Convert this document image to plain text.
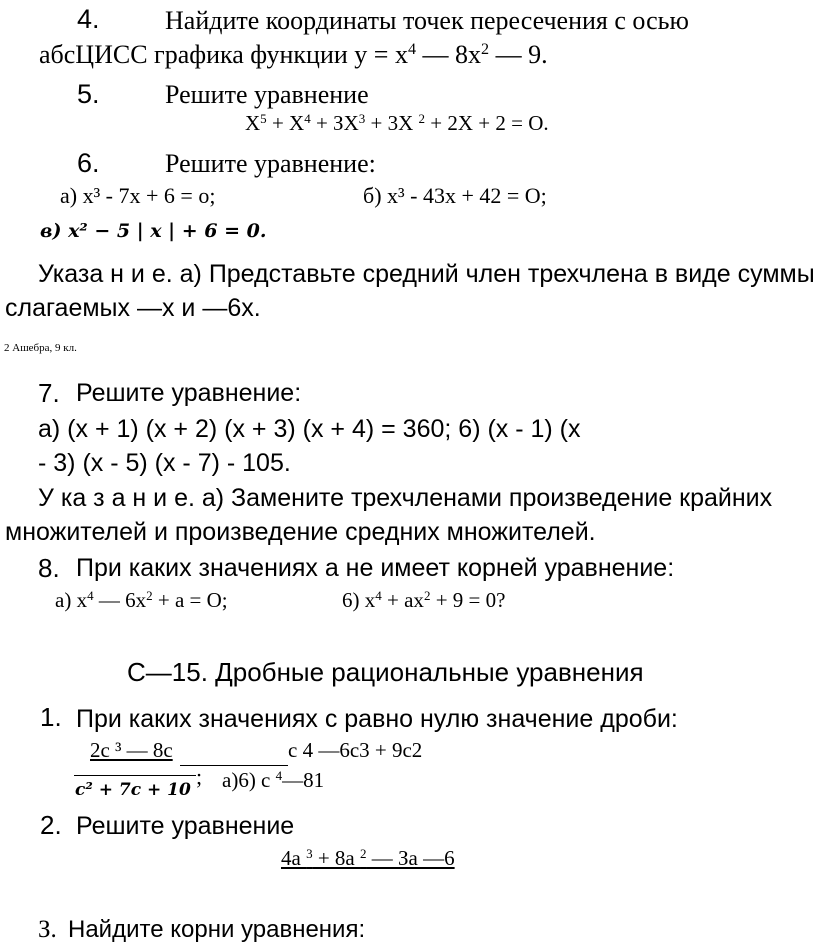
4.	Найдите координаты точек пересечения с осью
абсЦИСС графика функции $у = х^4$ — $8х^2$ — 9.
5.	Решите уравнение
$Х^5 + Х^4 + ЗХ^3 + 3Х$ $^2$ + 2Х + 2 = О.
6.	Решите уравнение:
а) х³ - 7х + 6 = о;	б) х³ - 43х + 42 = О;
в) x² − 5 | x | + 6 = 0.
Указа н и е. а) Представьте средний член трехчлена в виде суммы
слагаемых —х и —6х.
2 Ашебра, 9 кл.
7. Решите уравнение:
а) (х + 1) (х + 2) (х + 3) (х + 4) = 360; 6) (х - 1) (х
- 3) (х - 5) (х - 7) - 105.
У ка з а н и е. а) Замените трехчленами произведение крайних
множителей и произведение средних множителей.
8. При каких значениях а не имеет корней уравнение:
а) $х^4$ — $6х^2 + а = О$;	6) $х^4 + ах^2 + 9 = 0$?
С—15. Дробные рациональные уравнения
1. При каких значениях с равно нулю значение дроби:
2с ³ — 8с	с 4 —6с3 + 9с2
c² + 7c + 10
; а)6) с $^4$—81
2. Решите уравнение
4а $^3$ + 8а $^2$ — За —6
З. Найдите корни уравнения:
